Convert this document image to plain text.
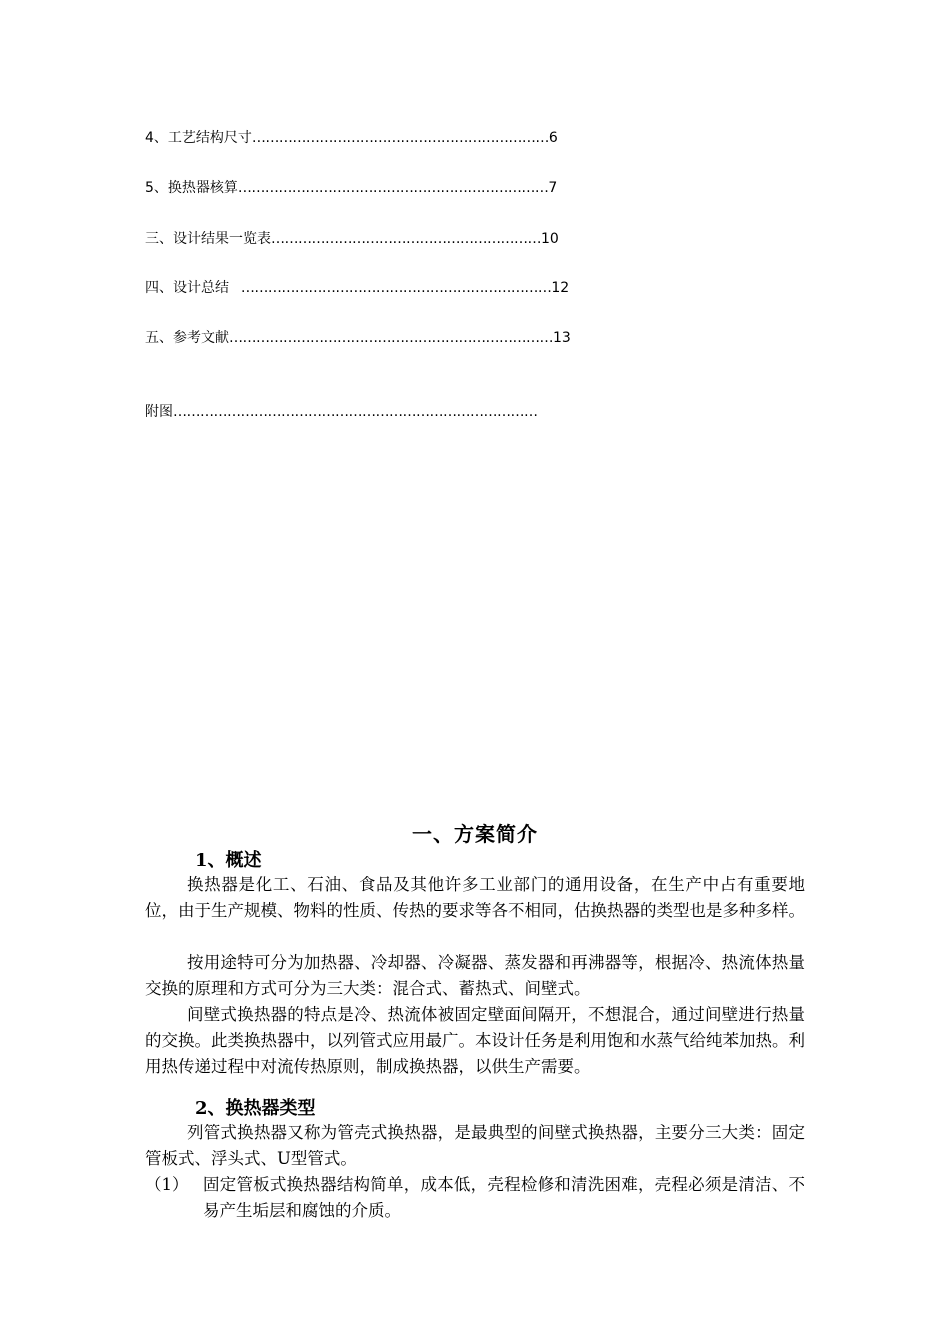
4、工艺结构尺寸…………………………………………………………6
5、换热器核算……………………………………………………………7
三、设计结果一览表……………………………………………………10
四、设计总结   ……………………………………………………………12
五、参考文献………………………………………………………………13
附图………………………………………………………………………
一、方案简介
1、概述
换热器是化工、石油、食品及其他许多工业部门的通用设备，在生产中占有重要地位，由于生产规模、物料的性质、传热的要求等各不相同，估换热器的类型也是多种多样。
按用途特可分为加热器、冷却器、冷凝器、蒸发器和再沸器等，根据冷、热流体热量交换的原理和方式可分为三大类：混合式、蓄热式、间壁式。
间壁式换热器的特点是冷、热流体被固定壁面间隔开，不想混合，通过间壁进行热量的交换。此类换热器中，以列管式应用最广。本设计任务是利用饱和水蒸气给纯苯加热。利用热传递过程中对流传热原则，制成换热器，以供生产需要。
2、换热器类型
列管式换热器又称为管壳式换热器，是最典型的间壁式换热器，主要分三大类：固定管板式、浮头式、U型管式。
（1） 固定管板式换热器结构简单，成本低，壳程检修和清洗困难，壳程必须是清洁、不易产生垢层和腐蚀的介质。
